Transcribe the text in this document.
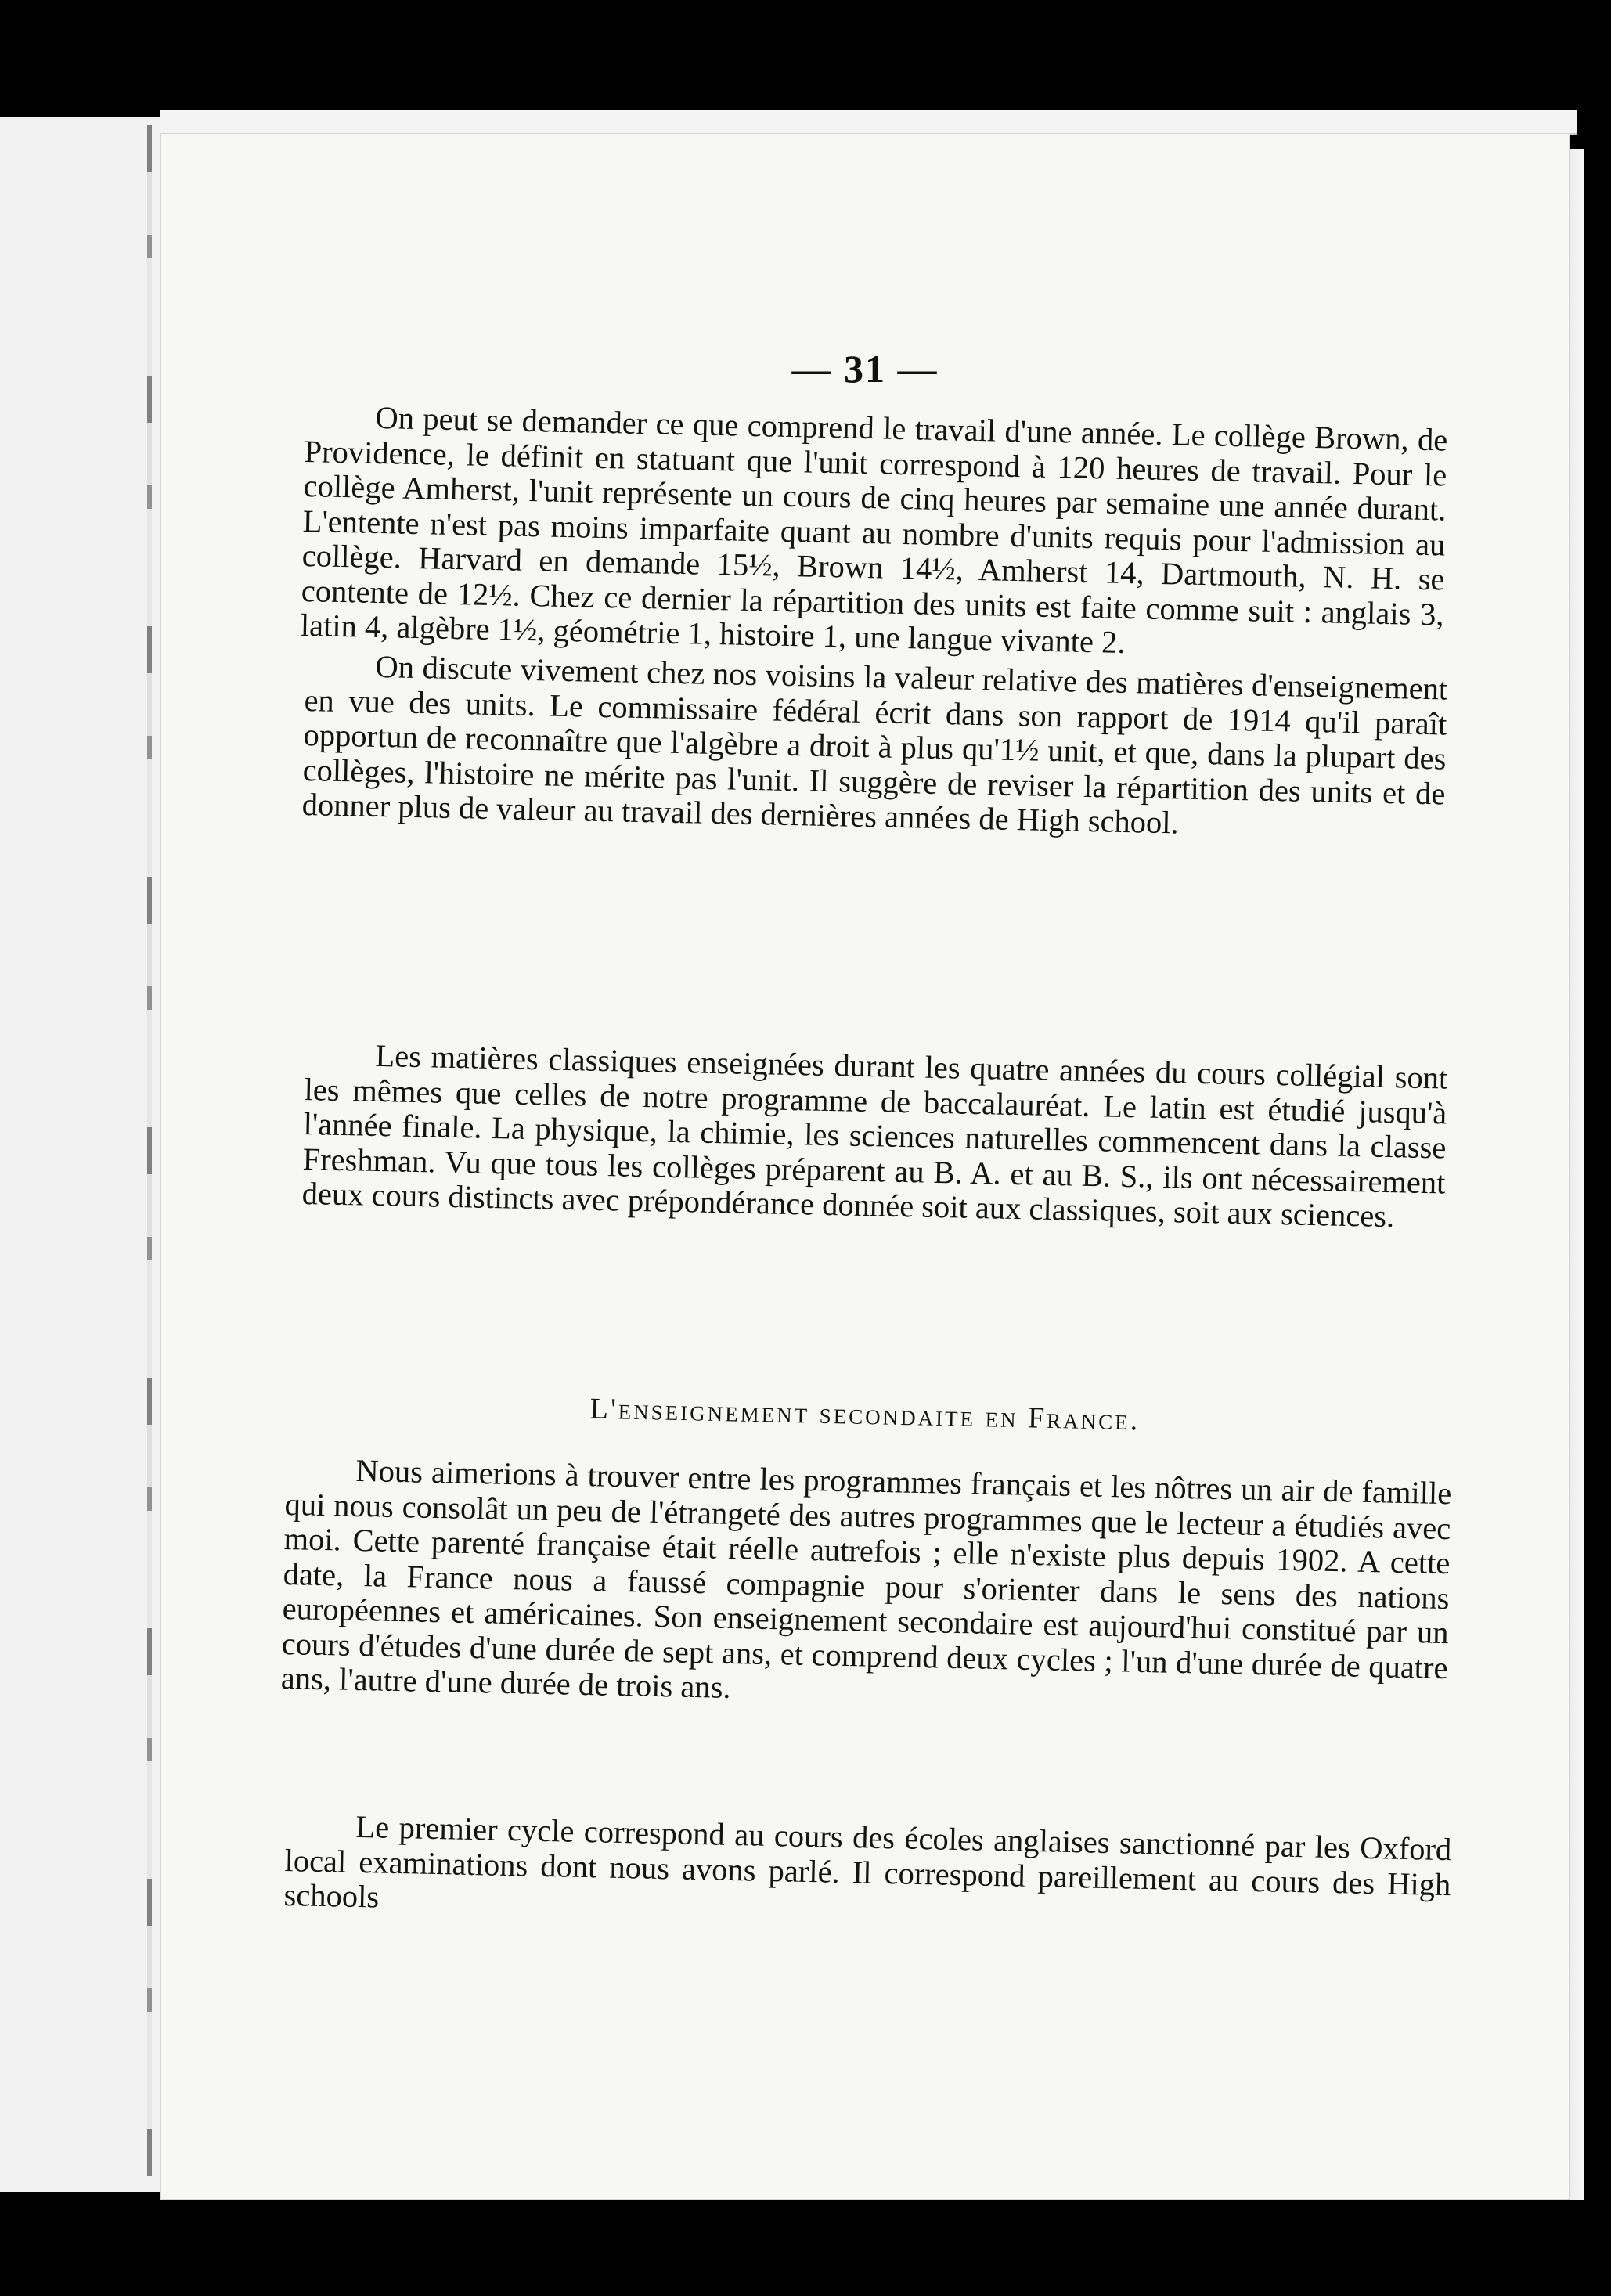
— 31 —

On peut se demander ce que comprend le travail d'une année. Le collège Brown, de Providence, le définit en statuant que l'unit correspond à 120 heures de travail. Pour le collège Amherst, l'unit représente un cours de cinq heures par semaine une année durant. L'entente n'est pas moins imparfaite quant au nombre d'units requis pour l'admission au collège. Harvard en demande 15½, Brown 14½, Amherst 14, Dartmouth, N. H. se contente de 12½. Chez ce dernier la répartition des units est faite comme suit : anglais 3, latin 4, algèbre 1½, géométrie 1, histoire 1, une langue vivante 2.

On discute vivement chez nos voisins la valeur relative des matières d'enseignement en vue des units. Le commissaire fédéral écrit dans son rapport de 1914 qu'il paraît opportun de reconnaître que l'algèbre a droit à plus qu'1½ unit, et que, dans la plupart des collèges, l'histoire ne mérite pas l'unit. Il suggère de reviser la répartition des units et de donner plus de valeur au travail des dernières années de High school.

Les matières classiques enseignées durant les quatre années du cours collégial sont les mêmes que celles de notre programme de baccalauréat. Le latin est étudié jusqu'à l'année finale. La physique, la chimie, les sciences naturelles commencent dans la classe Freshman. Vu que tous les collèges préparent au B. A. et au B. S., ils ont nécessairement deux cours distincts avec prépondérance donnée soit aux classiques, soit aux sciences.

L'enseignement secondaite en France.

Nous aimerions à trouver entre les programmes français et les nôtres un air de famille qui nous consolât un peu de l'étrangeté des autres programmes que le lecteur a étudiés avec moi. Cette parenté française était réelle autrefois ; elle n'existe plus depuis 1902. A cette date, la France nous a faussé compagnie pour s'orienter dans le sens des nations européennes et américaines. Son enseignement secondaire est aujourd'hui constitué par un cours d'études d'une durée de sept ans, et comprend deux cycles ; l'un d'une durée de quatre ans, l'autre d'une durée de trois ans.

Le premier cycle correspond au cours des écoles anglaises sanctionné par les Oxford local examinations dont nous avons parlé. Il correspond pareillement au cours des High schools
